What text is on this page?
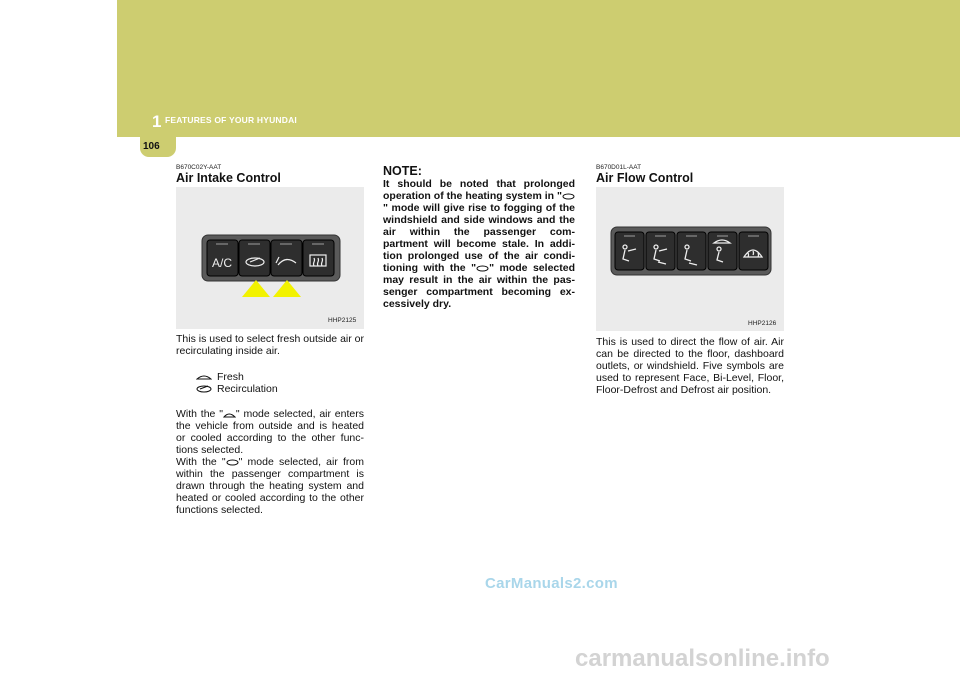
1 FEATURES OF YOUR HYUNDAI
106
B670C02Y-AAT
Air Intake Control
A/C
HHP2125
This is used to select fresh outside air or recirculating inside air.
Fresh
Recirculation
With the " " mode selected, air enters the vehicle from outside and is heated or cooled according to the other func-tions selected.
With the " " mode selected, air from within the passenger compartment is drawn through the heating system and heated or cooled according to the other functions selected.
NOTE:
It should be noted that prolonged operation of the heating system in "" mode will give rise to fogging of the windshield and side windows and the air within the passenger com-partment will become stale. In addi-tion prolonged use of the air condi-tioning with the " " mode selected may result in the air within the pas-senger compartment becoming ex-cessively dry.
B670D01L-AAT
Air Flow Control
HHP2126
This is used to direct the flow of air. Air can be directed to the floor, dashboard outlets, or windshield. Five symbols are used to represent Face, Bi-Level, Floor, Floor-Defrost and Defrost air position.
CarManuals2.com
carmanualsonline.info
